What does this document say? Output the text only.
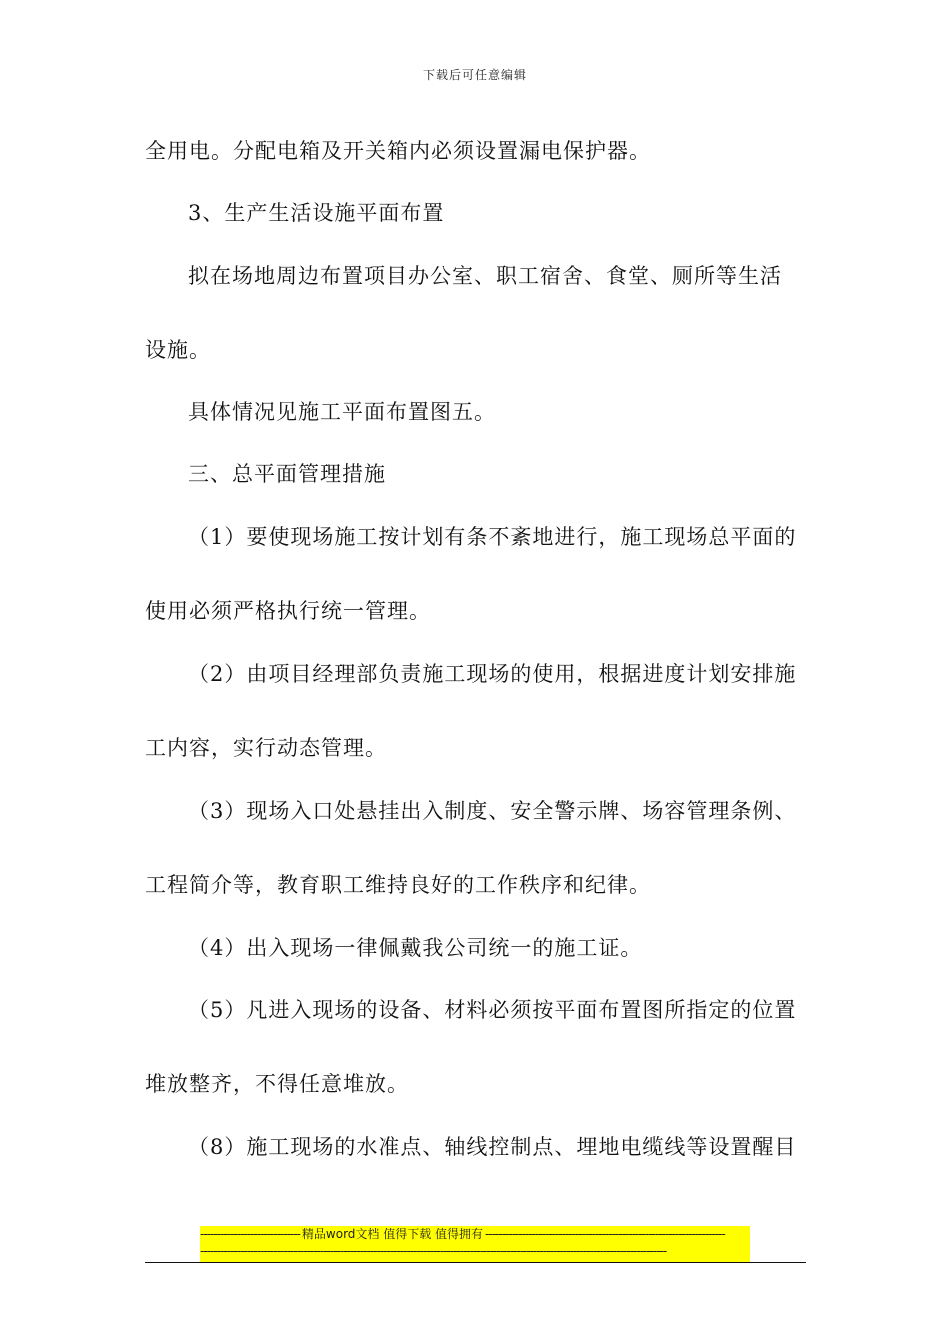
下载后可任意编辑
全用电。分配电箱及开关箱内必须设置漏电保护器。
3、生产生活设施平面布置
拟在场地周边布置项目办公室、职工宿舍、食堂、厕所等生活
设施。
具体情况见施工平面布置图五。
三、总平面管理措施
（1）要使现场施工按计划有条不紊地进行，施工现场总平面的
使用必须严格执行统一管理。
（2）由项目经理部负责施工现场的使用，根据进度计划安排施
工内容，实行动态管理。
（3）现场入口处悬挂出入制度、安全警示牌、场容管理条例、
工程简介等，教育职工维持良好的工作秩序和纪律。
（4）出入现场一律佩戴我公司统一的施工证。
（5）凡进入现场的设备、材料必须按平面布置图所指定的位置
堆放整齐，不得任意堆放。
（8）施工现场的水准点、轴线控制点、埋地电缆线等设置醒目
------------------------------ 精品word文档 值得下载 值得拥有 ------------------------------------------------------------------------
--------------------------------------------------------------------------------------------------------------------------------------------
